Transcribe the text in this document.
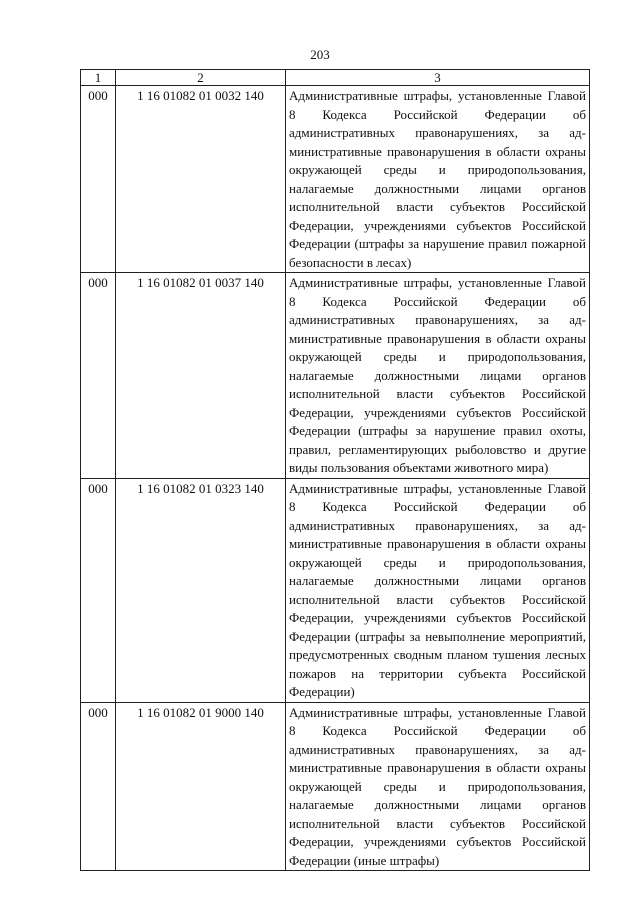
203
1	2	3
000	1 16 01082 01 0032 140	Административные штрафы, установленные Главой 8 Кодекса Российской Федерации об административных правонарушениях, за административные правонарушения в области охраны окружающей среды и природопользования, налагаемые должностными лицами органов исполнительной власти субъектов Российской Федерации, учреждениями субъектов Российской Федерации (штрафы за нарушение правил пожарной безопасности в лесах)
000	1 16 01082 01 0037 140	Административные штрафы, установленные Главой 8 Кодекса Российской Федерации об административных правонарушениях, за административные правонарушения в области охраны окружающей среды и природопользования, налагаемые должностными лицами органов исполнительной власти субъектов Российской Федерации, учреждениями субъектов Российской Федерации (штрафы за нарушение правил охоты, правил, регламентирующих рыболовство и другие виды пользования объектами животного мира)
000	1 16 01082 01 0323 140	Административные штрафы, установленные Главой 8 Кодекса Российской Федерации об административных правонарушениях, за административные правонарушения в области охраны окружающей среды и природопользования, налагаемые должностными лицами органов исполнительной власти субъектов Российской Федерации, учреждениями субъектов Российской Федерации (штрафы за невыполнение мероприятий, предусмотренных сводным планом тушения лесных пожаров на территории субъекта Российской Федерации)
000	1 16 01082 01 9000 140	Административные штрафы, установленные Главой 8 Кодекса Российской Федерации об административных правонарушениях, за административные правонарушения в области охраны окружающей среды и природопользования, налагаемые должностными лицами органов исполнительной власти субъектов Российской Федерации, учреждениями субъектов Российской Федерации (иные штрафы)
